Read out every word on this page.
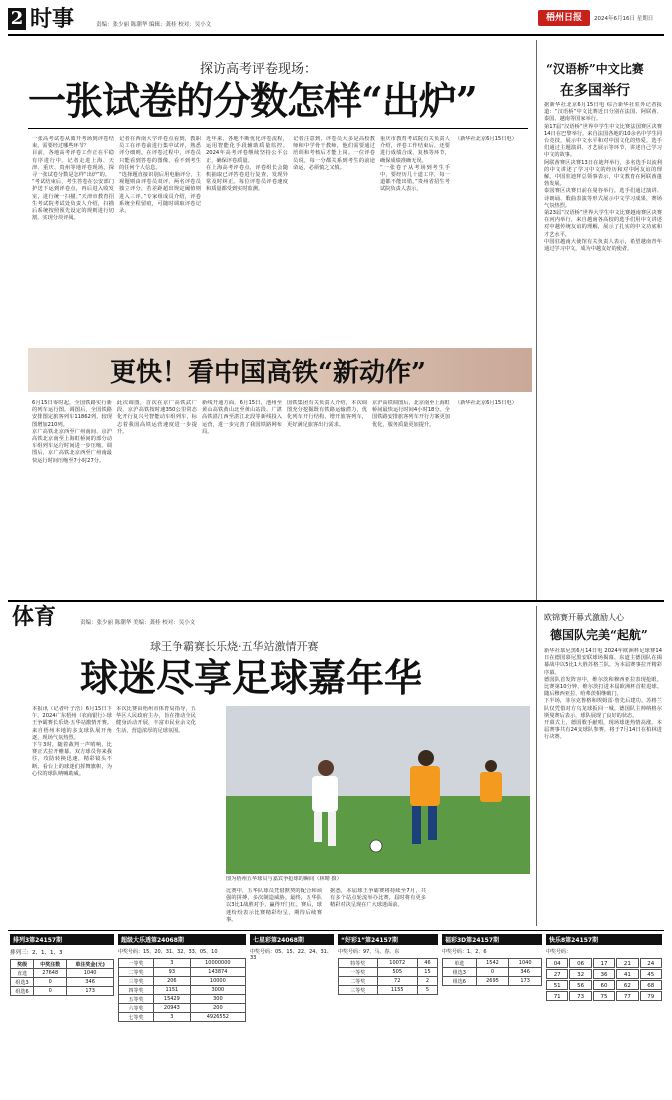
2 时事	责编：张少丽 陈潮华 编辑：龚桂 校对：吴小文
梧州日报	2024年6月16日 星期日
探访高考评卷现场：
一张试卷的分数怎样“出炉”

一张高考试卷从离开考场到评卷结束，需要经过哪些环节？

目前，各地高考评卷工作正在平稳有序进行中。记者走进上海、天津、重庆、贵州等地评卷现场，探寻一张试卷分数是怎样“出炉”的。

“考试结束后，考生答卷在公安部门护送下运到评卷点，再后进入收发室，进行统一扫描。”天津市教育招生考试院考试处负责人介绍，扫描后系统按照预先设定的规则进行切割，实现分块评阅。

记者在西南大学评卷点看到，教职员工在评卷前进行集中试评，熟悉评分细则。在评卷过程中，评卷员只能看到答卷的图像，看不到考生的任何个人信息。

“选择题直接识别后用电脑评分，主观题则由评卷员双评，两名评卷员独立评分，若差距超出规定阈值则进入三评。”专家组成员介绍，评卷系统全程留痕，可随时调取评卷记录。

近年来，各地不断优化评卷流程，运用智能化手段辅助质量监控。2024年高考评卷继续坚持公平公正，确保评卷质量。

在上海高考评卷点，评卷组长会随机抽取已评答卷进行复查，发现异常及时纠正。每位评卷员评卷速度和质量都受到实时监测。

记者注意到，评卷员大多是高校教师和中学骨干教师，他们需要通过培训和考核后才能上岗。一位评卷员说，每一分都关系到考生的前途命运，必须慎之又慎。

重庆市教育考试院有关负责人介绍，评卷工作结束后，还要进行成绩合成、复核等环节，确保成绩准确无误。

“一张卷子从考场到考生手中，要经历几十道工序，每一道都不能出错。”贵州省招生考试院负责人表示。

（新华社北京6月15日电）

“汉语桥”中文比赛
在多国举行

据新华社北京6月15日电 综合新华社驻外记者报道：“汉语桥”中文比赛近日分别在法国、阿联酋、泰国、越南等国家举行。

第17届“汉语桥”世界中学生中文比赛法国赛区决赛14日在巴黎举行。来自法国各地的10余名中学生同台竞技，展示中文水平和对中国文化的热爱。选手们通过主题演讲、才艺展示等环节，讲述自己学习中文的故事。

阿联酋赛区决赛13日在迪拜举行，多名选手以流利的中文讲述了学习中文的经历和对中阿友谊的理解。中国驻迪拜总领事表示，中文教育在阿联酋蓬勃发展。

泰国赛区决赛日前在曼谷举行。选手们通过演讲、诗朗诵、歌曲表演等形式展示中文学习成果，赛场气氛热烈。

第23届“汉语桥”世界大学生中文比赛越南赛区决赛在河内举行，来自越南各高校的选手们用中文讲述对中越传统友谊的理解，展示了扎实的中文功底和才艺水平。

中国驻越南大使馆有关负责人表示，希望越南青年通过学习中文，成为中越友好的使者。

更快！看中国高铁“新动作”

6月15日零时起，全国铁路实行新的列车运行图。调图后，全国铁路安排图定旅客列车11862列，较现图增加210列。

京广高铁北京西至广州南间、京沪高铁北京南至上海虹桥间的部分动车组列车运行时间进一步压缩。调图后，京广高铁北京西至广州南最快运行时间压缩至7小时27分。

此次调图，首次在京广高铁武广段、京沪高铁按时速350公里常态化开行复兴号智能动车组列车，标志着我国高铁运营速度进一步提升。

新线开通方面，6月15日，池州至黄山高铁黄山北至黄山站段、广湛高铁湛江西至湛江北段等新线投入运营，进一步完善了我国铁路网布局。

国铁集团有关负责人介绍，本次调图充分挖掘既有铁路运输潜力，优化列车开行结构，增开旅客列车，更好满足旅客出行需求。

京沪高铁调图后，北京南至上海虹桥间最快运行时间4小时18分。全国铁路安排旅客列车开行方案更加优化，服务质量更加提升。

（新华社北京6月15日电）

体育	责编：张少丽 陈潮华 美编：龚桂 校对：吴小文
球王争霸赛长乐烧·五华站激情开赛
球迷尽享足球嘉年华

本报讯（记者叶子浩）6月15日下午，2024广东梧州（农商银行）·球王争霸赛长乐烧·五华站激情开赛。来自梧州本地的多支球队展开角逐，现场气氛热烈。

下午3时，随着裁判一声哨响，比赛正式拉开帷幕。双方球员你来我往，攻防转换迅速，精彩镜头不断。看台上的球迷们挥舞旗帜，为心仪的球队呐喊助威。

本次比赛由梧州市体育局指导，五华区人民政府主办，旨在推动全民健身活动开展，丰富市民业余文化生活，营造浓厚的足球氛围。

图为梧州五华球员与嘉宾争抢球的瞬间（林晴 摄）

比赛中，五华队球员凭借默契的配合和顽强的拼搏，多次制造威胁。最终，五华队以3比1战胜对手，赢得开门红。赛后，球迷纷纷表示比赛精彩纷呈，期待后续赛事。

据悉，本届球王争霸赛将持续至7月，共有多个站点轮流举办比赛，届时将有更多精彩对决呈现在广大球迷面前。

欧锦赛开幕式激励人心
德国队完美“起航”

新华社慕尼黑6月14日电 2024年欧洲杯足球赛14日在德国慕尼黑安联球场揭幕。东道主德国队在揭幕战中以5比1大胜苏格兰队，为本届赛事拉开精彩序幕。

德国队首发阵容中，维尔茨和穆西亚拉表现抢眼。比赛第10分钟，维尔茨打进本届欧洲杯首粒进球。随后穆西亚拉、哈弗茨相继破门。

下半场，菲尔克鲁格和埃姆雷·詹先后建功。苏格兰队仅凭借对方乌龙球扳回一城。德国队主帅纳格尔斯曼赛后表示，球队展现了良好的状态。

开幕式上，德国歌手献唱，现场球迷热情高涨。本届赛事共有24支球队参赛，将于7月14日在柏林进行决赛。

排列3第24157期
排列三：2、1、1、3
奖级	中奖注数	单注奖金(元)
直选	27648	1040
组选3	0	346
组选6	0	173
超级大乐透第24068期
中奖号码：15、20、31、32、33、05、10
一等奖	3	10000000
二等奖	93	143874
三等奖	206	10000
四等奖	1151	3000
五等奖	15429	300
六等奖	20943	200
七等奖	3	4926552
七星彩第24068期
中奖号码：05、15、22、24、31、33
“好彩1”第24157期
中奖号码：97、马、春、东
特等奖	10072	46
一等奖	505	15
二等奖	72	2
三等奖	1155	5
福彩3D第24157期
中奖号码：1、2、6
单选	1542	1040
组选3	0	346
组选6	2695	173
快乐8第24157期
中奖号码：
04	06	17	21	24
27	32	36	41	45
51	56	60	62	68
71	73	75	77	79
